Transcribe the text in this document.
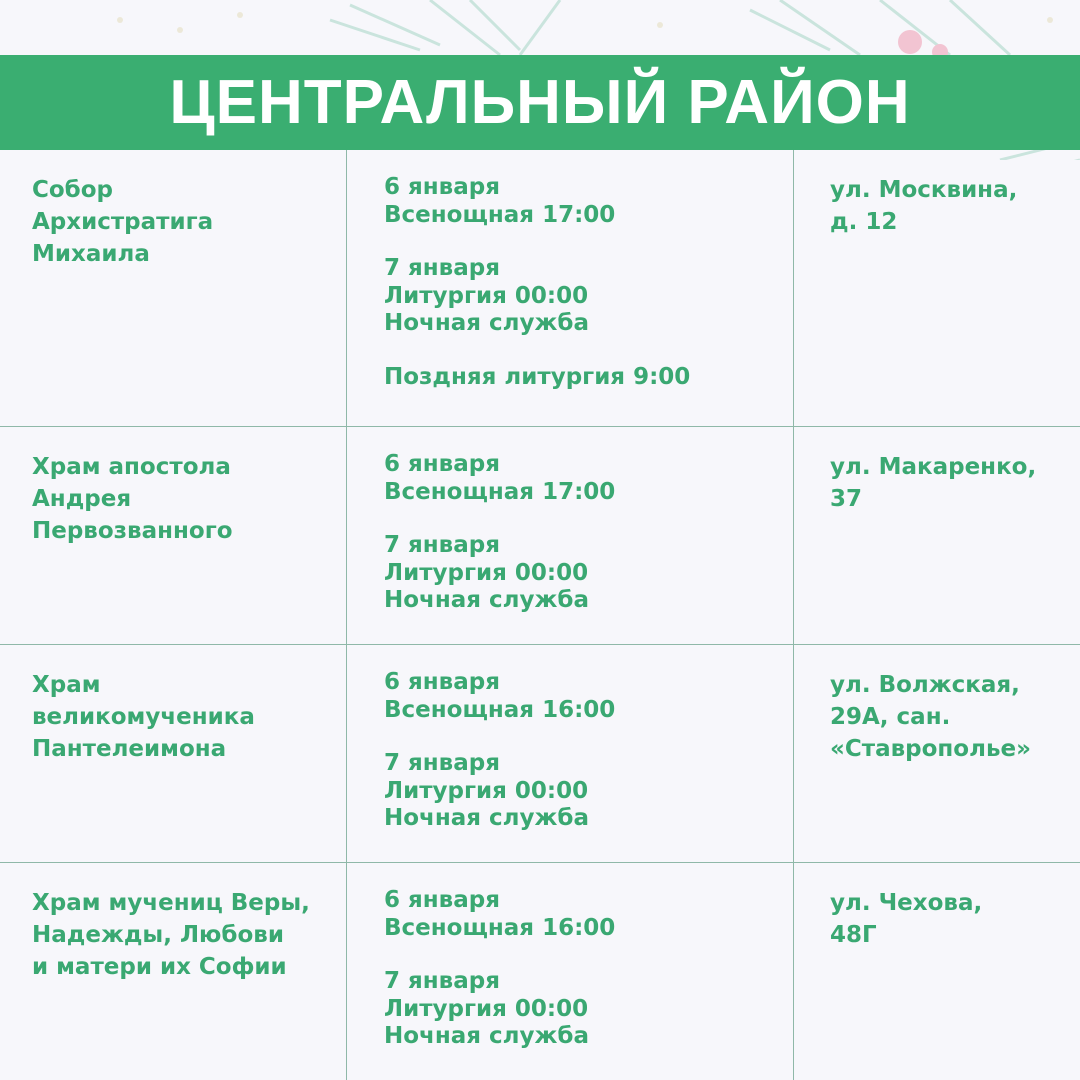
ЦЕНТРАЛЬНЫЙ РАЙОН
Собор
Архистратига
Михаила
6 января
Всенощная 17:00
7 января
Литургия 00:00
Ночная служба
Поздняя литургия 9:00
ул. Москвина,
д. 12
Храм апостола
Андрея
Первозванного
6 января
Всенощная 17:00
7 января
Литургия 00:00
Ночная служба
ул. Макаренко,
37
Храм
великомученика
Пантелеимона
6 января
Всенощная 16:00
7 января
Литургия 00:00
Ночная служба
ул. Волжская,
29А, сан.
«Ставрополье»
Храм мучениц Веры,
Надежды, Любови
и матери их Софии
6 января
Всенощная 16:00
7 января
Литургия 00:00
Ночная служба
ул. Чехова,
48Г
